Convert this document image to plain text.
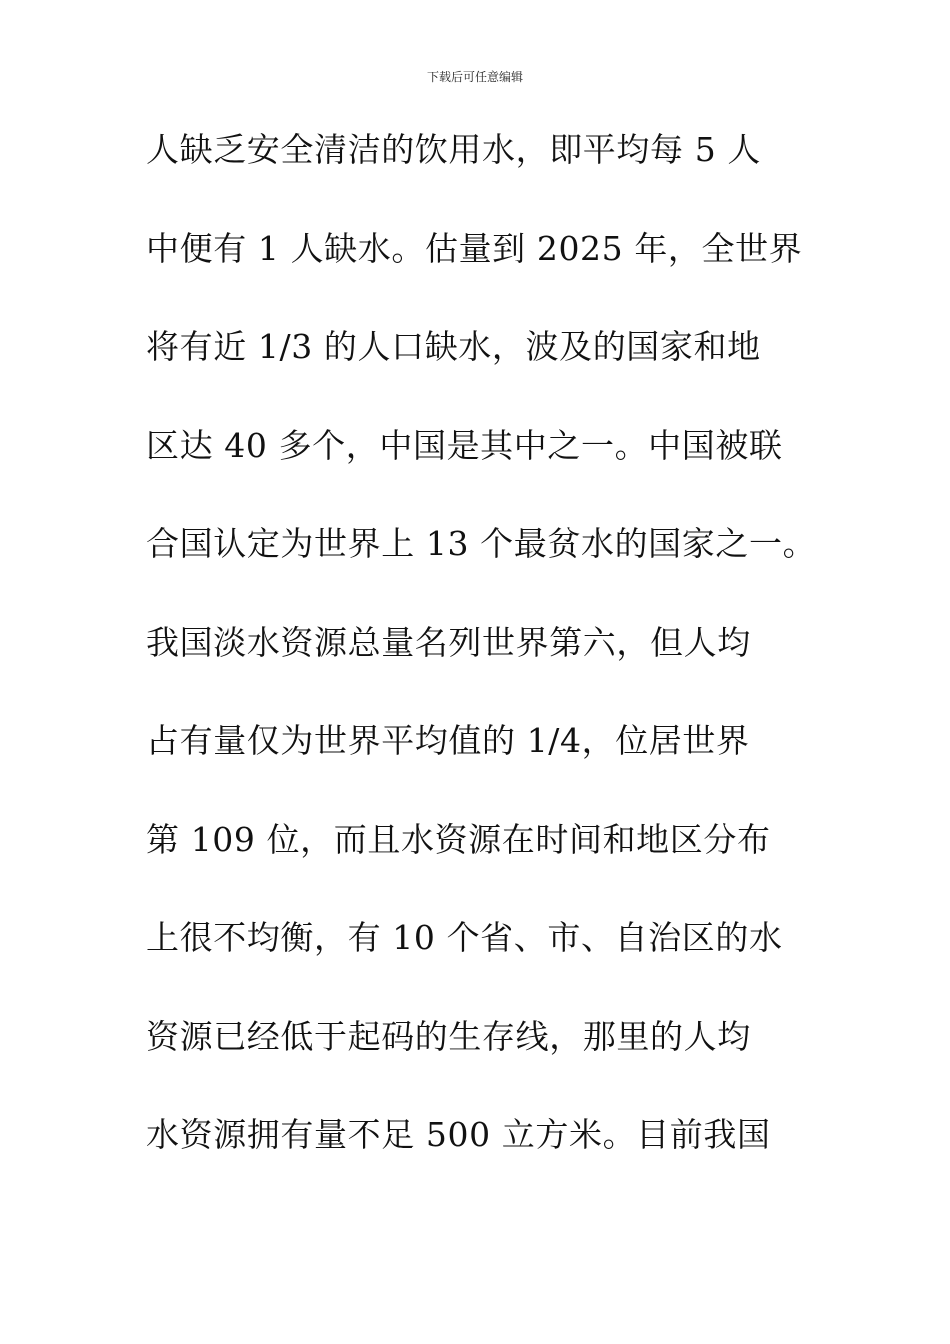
下载后可任意编辑
人缺乏安全清洁的饮用水，即平均每 5 人
中便有 1 人缺水。估量到 2025 年，全世界
将有近 1/3 的人口缺水，波及的国家和地
区达 40 多个，中国是其中之一。中国被联
合国认定为世界上 13 个最贫水的国家之一。
我国淡水资源总量名列世界第六，但人均
占有量仅为世界平均值的 1/4，位居世界
第 109 位，而且水资源在时间和地区分布
上很不均衡，有 10 个省、市、自治区的水
资源已经低于起码的生存线，那里的人均
水资源拥有量不足 500 立方米。目前我国
